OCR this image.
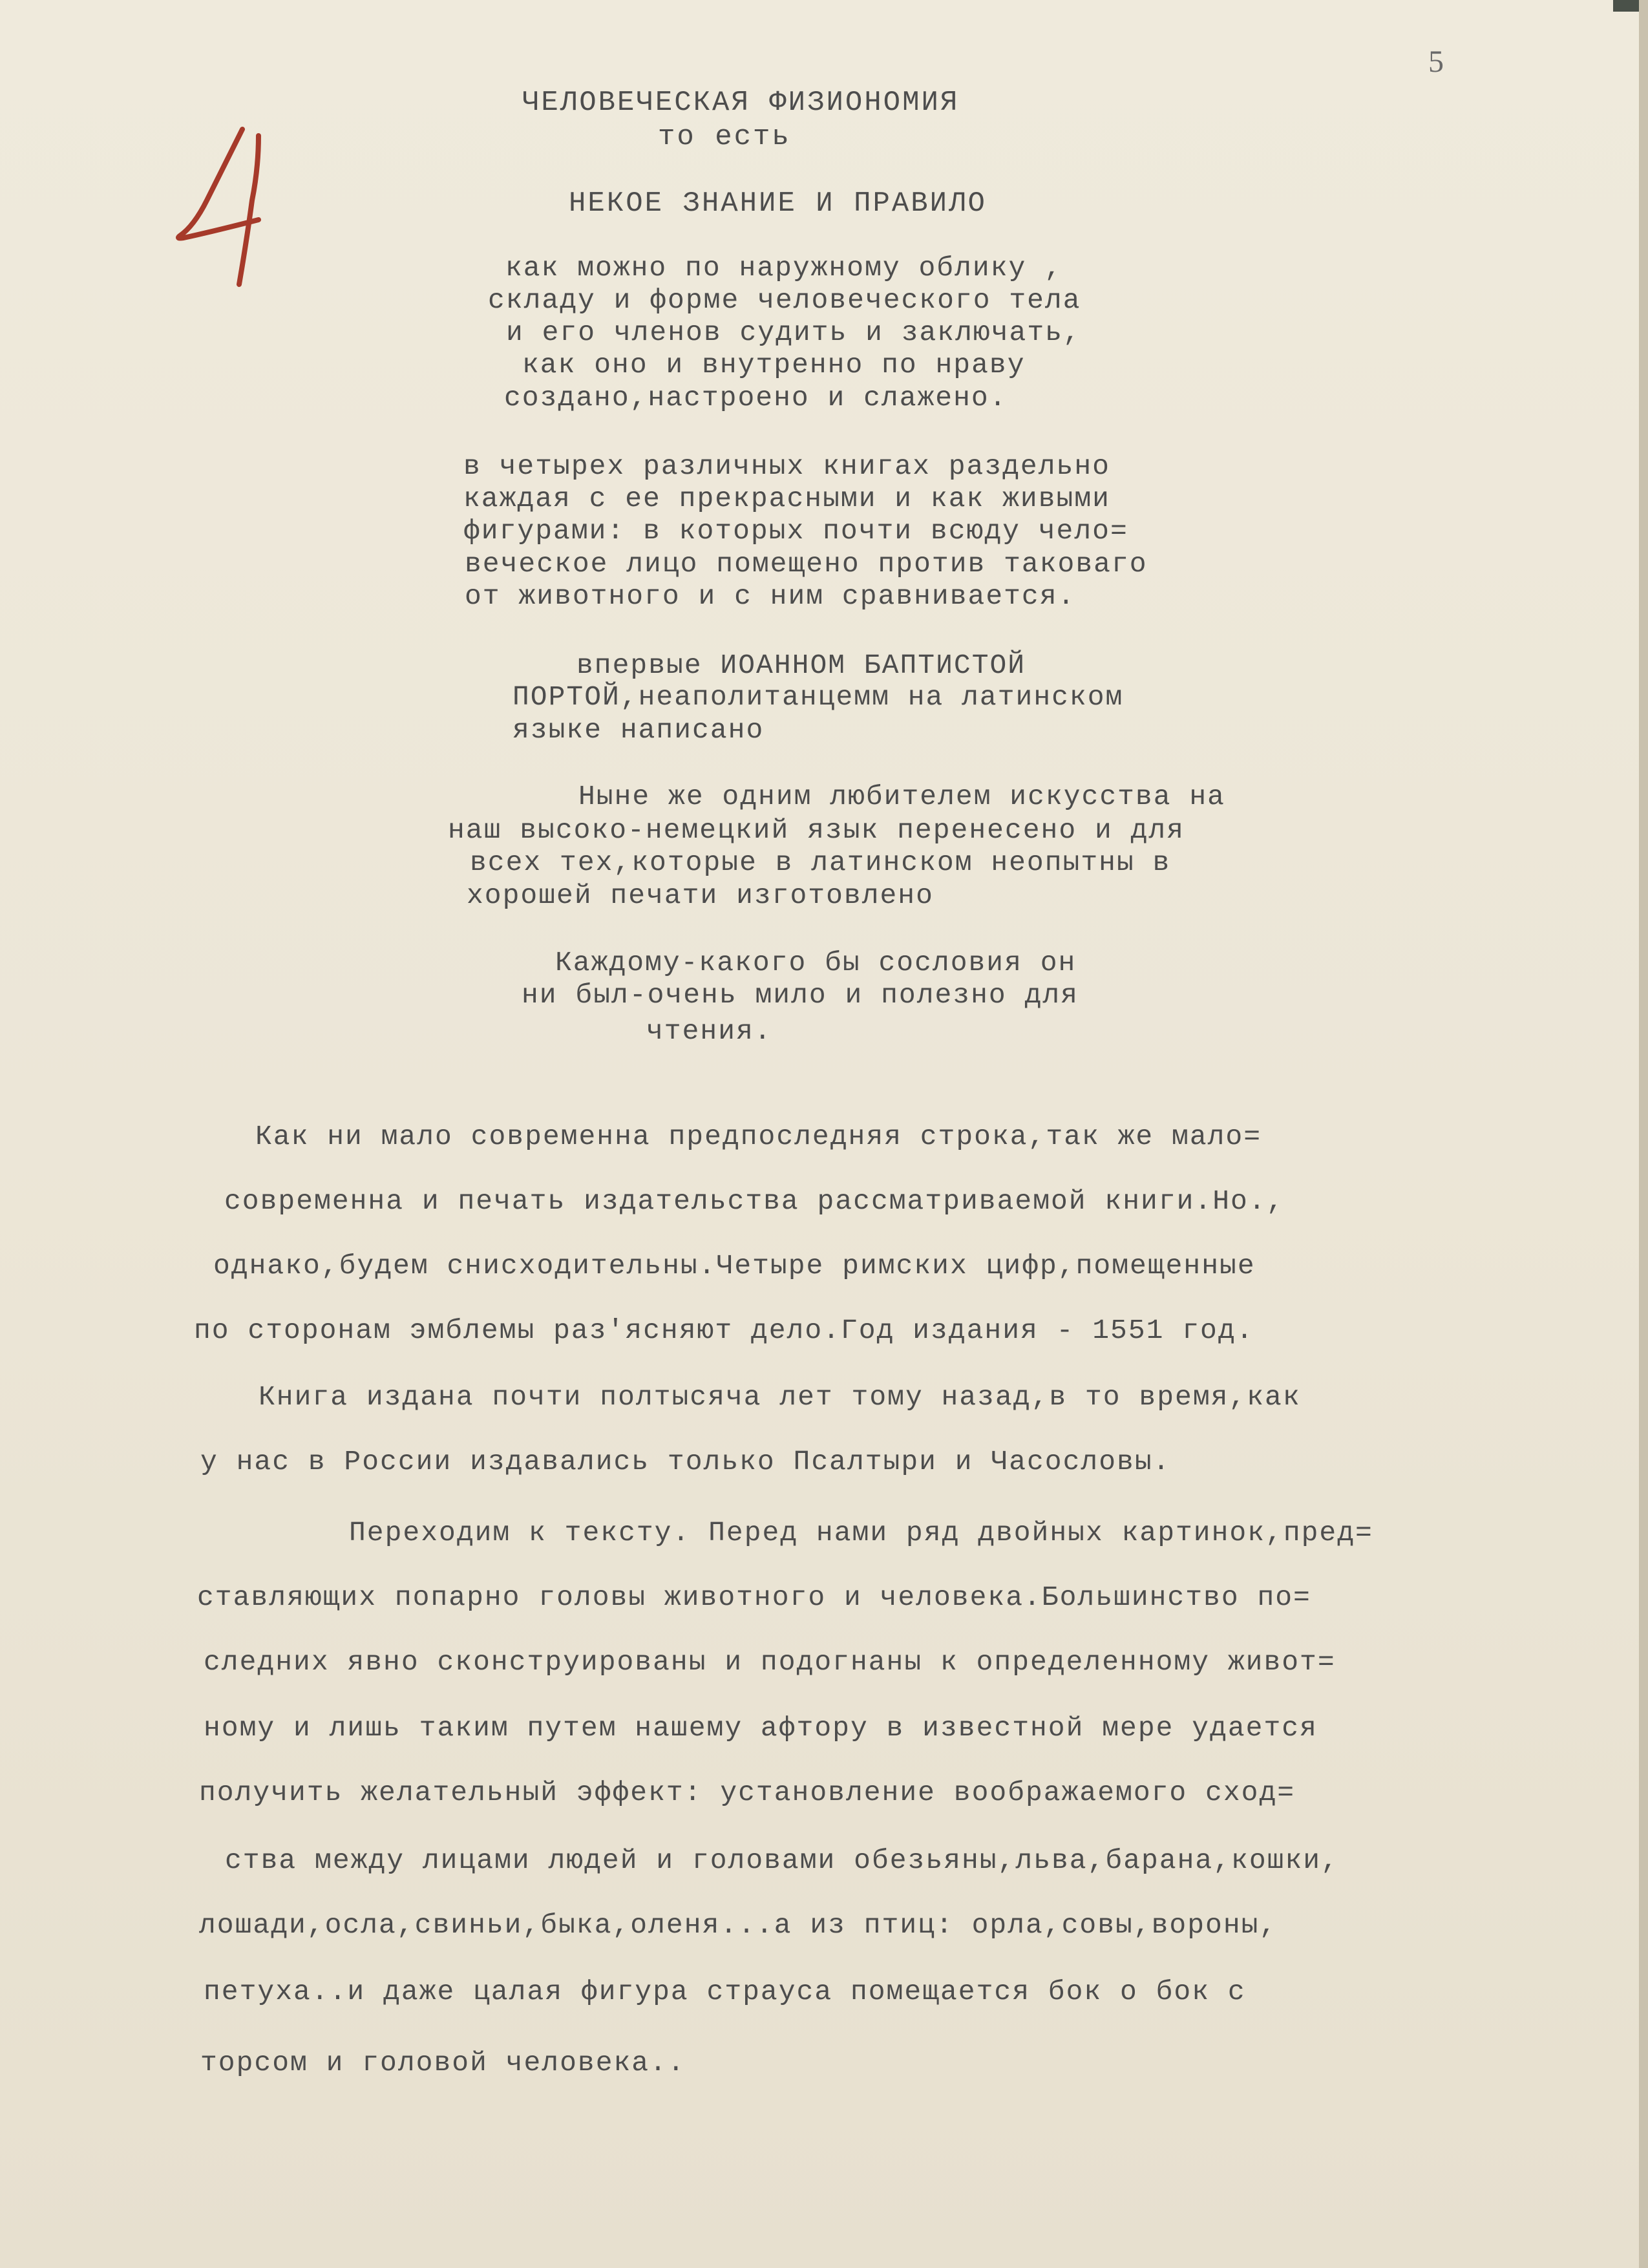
5
ЧЕЛОВЕЧЕСКАЯ ФИЗИОНОМИЯ
то есть
НЕКОЕ ЗНАНИЕ И ПРАВИЛО
как можно по наружному облику ,
складу и форме человеческого тела
и его членов судить и заключать,
как оно и внутренно по нраву
создано,настроено и слажено.
в четырех различных книгах раздельно
каждая с ее прекрасными и как живыми
фигурами: в которых почти всюду чело=
веческое лицо помещено против таковаго
от животного и с ним сравнивается.
впервые ИОАННОМ БАПТИСТОЙ
ПОРТОЙ,неаполитанцемм на латинском
языке написано
Ныне же одним любителем искусства на
наш высоко-немецкий язык перенесено и для
всех тех,которые в латинском неопытны в
хорошей печати изготовлено
Каждому-какого бы сословия он
ни был-очень мило и полезно для
чтения.
Как ни мало современна предпоследняя строка,так же мало=
современна и печать издательства рассматриваемой книги.Но.,
однако,будем снисходительны.Четыре римских цифр,помещенные
по сторонам эмблемы раз'ясняют дело.Год издания - 1551 год.
Книга издана почти полтысяча лет тому назад,в то время,как
у нас в России издавались только Псалтыри и Часословы.
Переходим к тексту. Перед нами ряд двойных картинок,пред=
ставляющих попарно головы животного и человека.Большинство по=
следних явно сконструированы и подогнаны к определенному живот=
ному и лишь таким путем нашему афтору в известной мере удается
получить желательный эффект: установление воображаемого сход=
ства между лицами людей и головами обезьяны,льва,барана,кошки,
лошади,осла,свиньи,быка,оленя...а из птиц: орла,совы,вороны,
петуха..и даже цалая фигура страуса помещается бок о бок с
торсом и головой человека..
